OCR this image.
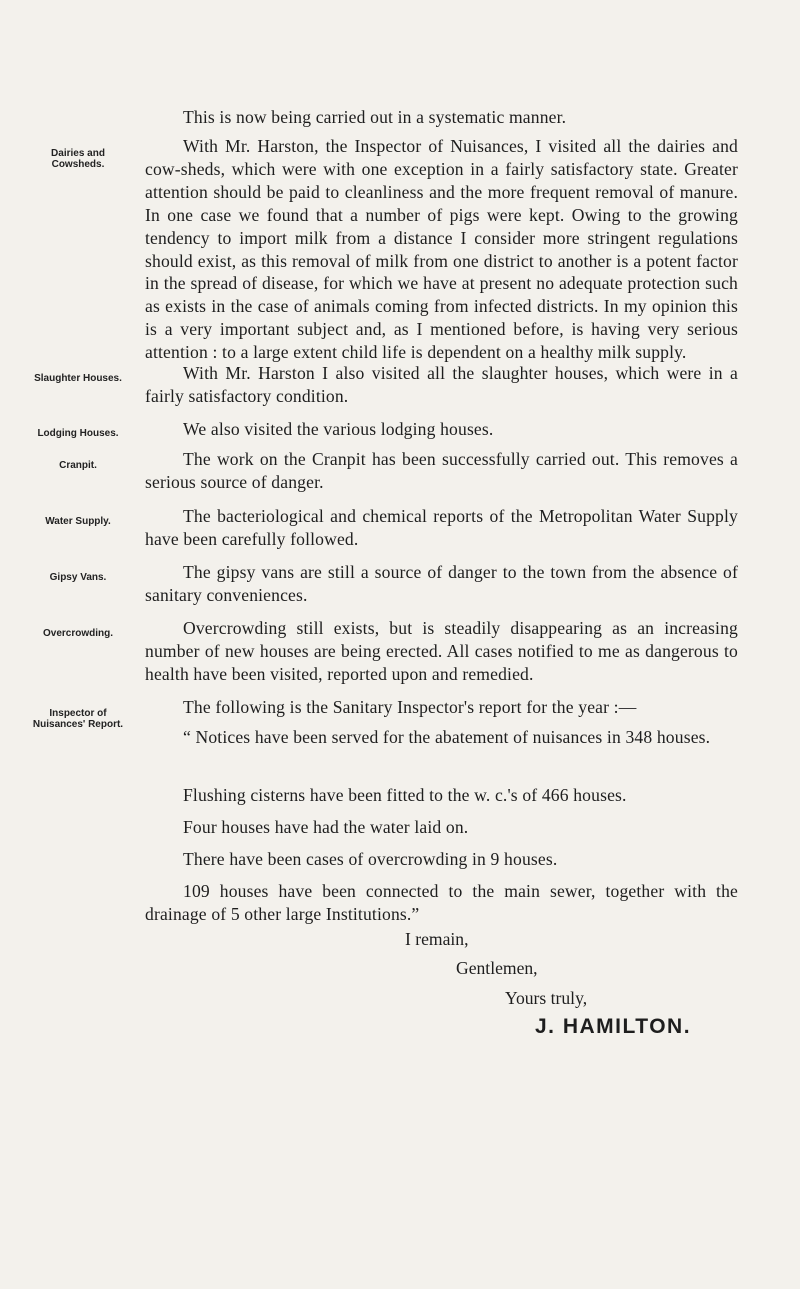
Dairies and Cowsheds.
Slaughter Houses.
Lodging Houses.
Cranpit.
Water Supply.
Gipsy Vans.
Overcrowding.
Inspector of Nuisances' Report.
This is now being carried out in a systematic manner.
With Mr. Harston, the Inspector of Nuisances, I visited all the dairies and cow-sheds, which were with one exception in a fairly satisfactory state. Greater attention should be paid to cleanliness and the more frequent removal of manure. In one case we found that a number of pigs were kept. Owing to the growing tendency to import milk from a distance I consider more stringent regulations should exist, as this removal of milk from one district to another is a potent factor in the spread of disease, for which we have at present no adequate protection such as exists in the case of animals coming from infected districts. In my opinion this is a very important subject and, as I mentioned before, is having very serious attention : to a large extent child life is dependent on a healthy milk supply.
With Mr. Harston I also visited all the slaughter houses, which were in a fairly satisfactory condition.
We also visited the various lodging houses.
The work on the Cranpit has been successfully carried out. This removes a serious source of danger.
The bacteriological and chemical reports of the Metropolitan Water Supply have been carefully followed.
The gipsy vans are still a source of danger to the town from the absence of sanitary conveniences.
Overcrowding still exists, but is steadily disappearing as an increasing number of new houses are being erected. All cases notified to me as dangerous to health have been visited, reported upon and remedied.
The following is the Sanitary Inspector's report for the year :—
“ Notices have been served for the abatement of nuisances in 348 houses.
Flushing cisterns have been fitted to the w. c.'s of 466 houses.
Four houses have had the water laid on.
There have been cases of overcrowding in 9 houses.
109 houses have been connected to the main sewer, together with the drainage of 5 other large Institutions.”
I remain,
Gentlemen,
Yours truly,
J. HAMILTON.
